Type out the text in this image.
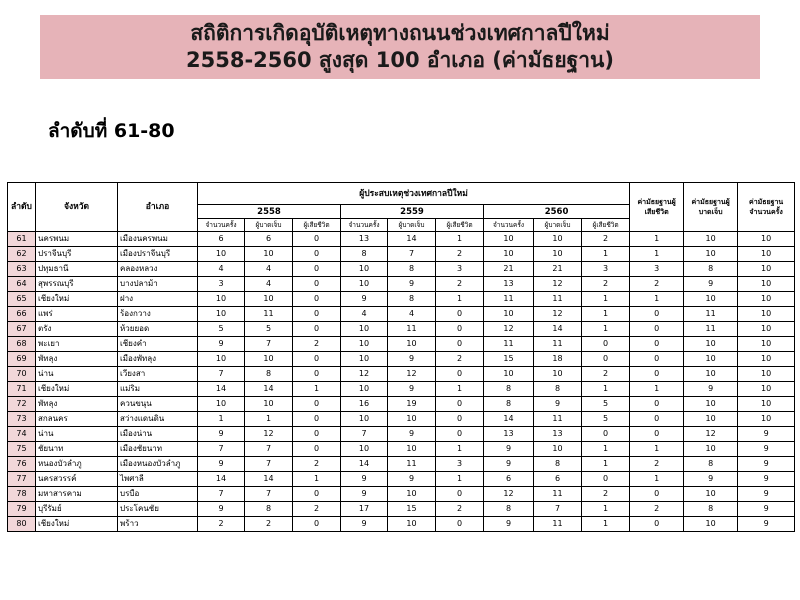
สถิติการเกิดอุบัติเหตุทางถนนช่วงเทศกาลปีใหม่
2558-2560 สูงสุด 100 อำเภอ (ค่ามัธยฐาน)
ลำดับที่ 61-80
ลำดับ	จังหวัด	อำเภอ	ผู้ประสบเหตุช่วงเทศกาลปีใหม่									ค่ามัธยฐานผู้เสียชีวิต	ค่ามัธยฐานผู้บาดเจ็บ	ค่ามัธยฐานจำนวนครั้ง
			2558			2559			2560					
			จำนวนครั้ง	ผู้บาดเจ็บ	ผู้เสียชีวิต	จำนวนครั้ง	ผู้บาดเจ็บ	ผู้เสียชีวิต	จำนวนครั้ง	ผู้บาดเจ็บ	ผู้เสียชีวิต			
61	นครพนม	เมืองนครพนม	6	6	0	13	14	1	10	10	2	1	10	10
62	ปราจีนบุรี	เมืองปราจีนบุรี	10	10	0	8	7	2	10	10	1	1	10	10
63	ปทุมธานี	คลองหลวง	4	4	0	10	8	3	21	21	3	3	8	10
64	สุพรรณบุรี	บางปลาม้า	3	4	0	10	9	2	13	12	2	2	9	10
65	เชียงใหม่	ฝาง	10	10	0	9	8	1	11	11	1	1	10	10
66	แพร่	ร้องกวาง	10	11	0	4	4	0	10	12	1	0	11	10
67	ตรัง	ห้วยยอด	5	5	0	10	11	0	12	14	1	0	11	10
68	พะเยา	เชียงคำ	9	7	2	10	10	0	11	11	0	0	10	10
69	พัทลุง	เมืองพัทลุง	10	10	0	10	9	2	15	18	0	0	10	10
70	น่าน	เวียงสา	7	8	0	12	12	0	10	10	2	0	10	10
71	เชียงใหม่	แม่ริม	14	14	1	10	9	1	8	8	1	1	9	10
72	พัทลุง	ควนขนุน	10	10	0	16	19	0	8	9	5	0	10	10
73	สกลนคร	สว่างแดนดิน	1	1	0	10	10	0	14	11	5	0	10	10
74	น่าน	เมืองน่าน	9	12	0	7	9	0	13	13	0	0	12	9
75	ชัยนาท	เมืองชัยนาท	7	7	0	10	10	1	9	10	1	1	10	9
76	หนองบัวลำภู	เมืองหนองบัวลำภู	9	7	2	14	11	3	9	8	1	2	8	9
77	นครสวรรค์	ไพศาลี	14	14	1	9	9	1	6	6	0	1	9	9
78	มหาสารคาม	บรบือ	7	7	0	9	10	0	12	11	2	0	10	9
79	บุรีรัมย์	ประโคนชัย	9	8	2	17	15	2	8	7	1	2	8	9
80	เชียงใหม่	พร้าว	2	2	0	9	10	0	9	11	1	0	10	9
